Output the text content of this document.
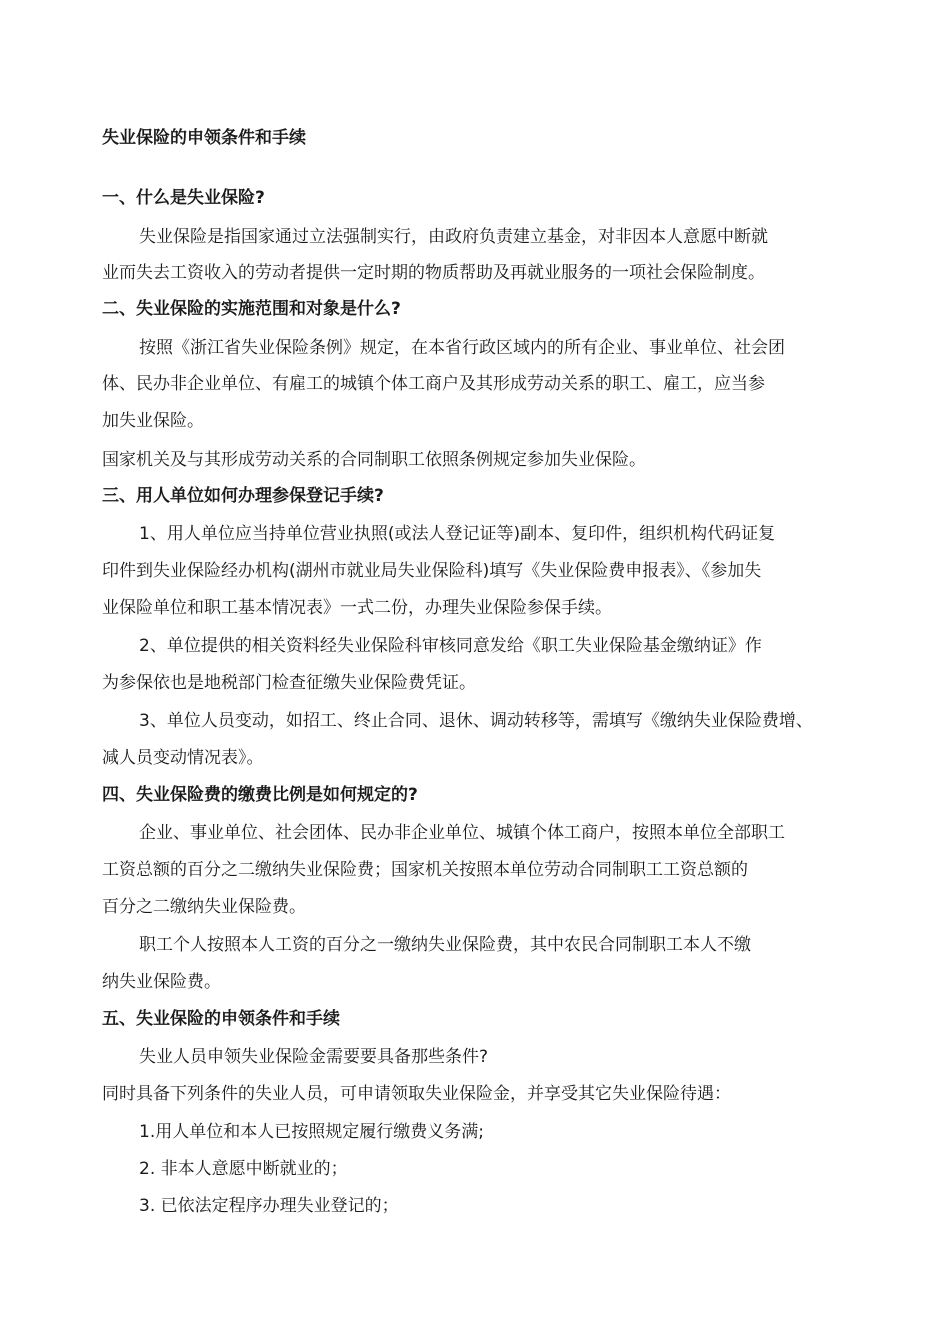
失业保险的申领条件和手续

一、什么是失业保险?

失业保险是指国家通过立法强制实行，由政府负责建立基金，对非因本人意愿中断就

业而失去工资收入的劳动者提供一定时期的物质帮助及再就业服务的一项社会保险制度。

二、失业保险的实施范围和对象是什么?

按照《浙江省失业保险条例》规定，在本省行政区域内的所有企业、事业单位、社会团

体、民办非企业单位、有雇工的城镇个体工商户及其形成劳动关系的职工、雇工，应当参

加失业保险。

国家机关及与其形成劳动关系的合同制职工依照条例规定参加失业保险。

三、用人单位如何办理参保登记手续?

1、用人单位应当持单位营业执照(或法人登记证等)副本、复印件，组织机构代码证复

印件到失业保险经办机构(湖州市就业局失业保险科)填写《失业保险费申报表》、《参加失

业保险单位和职工基本情况表》一式二份，办理失业保险参保手续。

2、单位提供的相关资料经失业保险科审核同意发给《职工失业保险基金缴纳证》作

为参保依也是地税部门检查征缴失业保险费凭证。

3、单位人员变动，如招工、终止合同、退休、调动转移等，需填写《缴纳失业保险费增、

减人员变动情况表》。

四、失业保险费的缴费比例是如何规定的?

企业、事业单位、社会团体、民办非企业单位、城镇个体工商户，按照本单位全部职工

工资总额的百分之二缴纳失业保险费；国家机关按照本单位劳动合同制职工工资总额的

百分之二缴纳失业保险费。

职工个人按照本人工资的百分之一缴纳失业保险费，其中农民合同制职工本人不缴

纳失业保险费。

五、失业保险的申领条件和手续

失业人员申领失业保险金需要要具备那些条件?

同时具备下列条件的失业人员，可申请领取失业保险金，并享受其它失业保险待遇：

1.用人单位和本人已按照规定履行缴费义务满;

2. 非本人意愿中断就业的；

3. 已依法定程序办理失业登记的；
